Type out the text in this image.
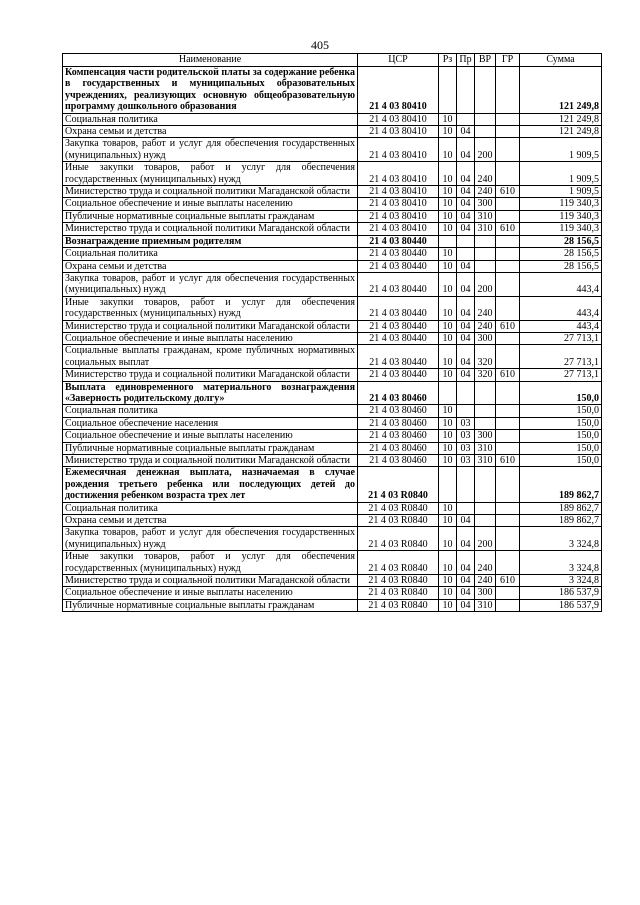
405
Наименование	ЦСР	Рз	Пр	ВР	ГР	Сумма
Компенсация части родительской платы за содержание ребенка в государственных и муниципальных образовательных учреждениях, реализующих основную общеобразовательную программу дошкольного образования	21 4 03 80410					121 249,8
Социальная политика	21 4 03 80410	10				121 249,8
Охрана семьи и детства	21 4 03 80410	10	04			121 249,8
Закупка товаров, работ и услуг для обеспечения государственных (муниципальных) нужд	21 4 03 80410	10	04	200		1 909,5
Иные закупки товаров, работ и услуг для обеспечения государственных (муниципальных) нужд	21 4 03 80410	10	04	240		1 909,5
Министерство труда и социальной политики Магаданской области	21 4 03 80410	10	04	240	610	1 909,5
Социальное обеспечение и иные выплаты населению	21 4 03 80410	10	04	300		119 340,3
Публичные нормативные социальные выплаты гражданам	21 4 03 80410	10	04	310		119 340,3
Министерство труда и социальной политики Магаданской области	21 4 03 80410	10	04	310	610	119 340,3
Вознаграждение приемным родителям	21 4 03 80440					28 156,5
Социальная политика	21 4 03 80440	10				28 156,5
Охрана семьи и детства	21 4 03 80440	10	04			28 156,5
Закупка товаров, работ и услуг для обеспечения государственных (муниципальных) нужд	21 4 03 80440	10	04	200		443,4
Иные закупки товаров, работ и услуг для обеспечения государственных (муниципальных) нужд	21 4 03 80440	10	04	240		443,4
Министерство труда и социальной политики Магаданской области	21 4 03 80440	10	04	240	610	443,4
Социальное обеспечение и иные выплаты населению	21 4 03 80440	10	04	300		27 713,1
Социальные выплаты гражданам, кроме публичных нормативных социальных выплат	21 4 03 80440	10	04	320		27 713,1
Министерство труда и социальной политики Магаданской области	21 4 03 80440	10	04	320	610	27 713,1
Выплата единовременного материального вознаграждения «Заверность родительскому долгу»	21 4 03 80460					150,0
Социальная политика	21 4 03 80460	10				150,0
Социальное обеспечение населения	21 4 03 80460	10	03			150,0
Социальное обеспечение и иные выплаты населению	21 4 03 80460	10	03	300		150,0
Публичные нормативные социальные выплаты гражданам	21 4 03 80460	10	03	310		150,0
Министерство труда и социальной политики Магаданской области	21 4 03 80460	10	03	310	610	150,0
Ежемесячная денежная выплата, назначаемая в случае рождения третьего ребенка или последующих детей до достижения ребенком возраста трех лет	21 4 03 R0840					189 862,7
Социальная политика	21 4 03 R0840	10				189 862,7
Охрана семьи и детства	21 4 03 R0840	10	04			189 862,7
Закупка товаров, работ и услуг для обеспечения государственных (муниципальных) нужд	21 4 03 R0840	10	04	200		3 324,8
Иные закупки товаров, работ и услуг для обеспечения государственных (муниципальных) нужд	21 4 03 R0840	10	04	240		3 324,8
Министерство труда и социальной политики Магаданской области	21 4 03 R0840	10	04	240	610	3 324,8
Социальное обеспечение и иные выплаты населению	21 4 03 R0840	10	04	300		186 537,9
Публичные нормативные социальные выплаты гражданам	21 4 03 R0840	10	04	310		186 537,9
